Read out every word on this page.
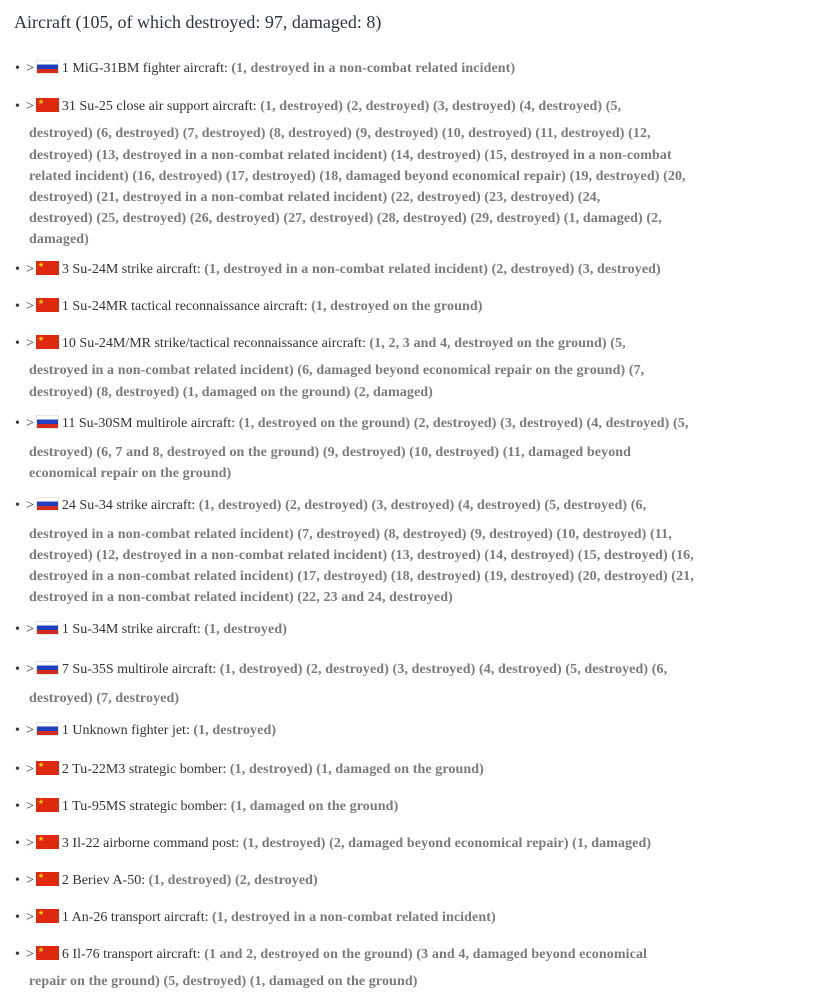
Aircraft (105, of which destroyed: 97, damaged: 8)
• > 1 MiG-31BM fighter aircraft: (1, destroyed in a non-combat related incident)
• > ★ 31 Su-25 close air support aircraft: (1, destroyed) (2, destroyed) (3, destroyed) (4, destroyed) (5,
destroyed) (6, destroyed) (7, destroyed) (8, destroyed) (9, destroyed) (10, destroyed) (11, destroyed) (12,
destroyed) (13, destroyed in a non-combat related incident) (14, destroyed) (15, destroyed in a non-combat
related incident) (16, destroyed) (17, destroyed) (18, damaged beyond economical repair) (19, destroyed) (20,
destroyed) (21, destroyed in a non-combat related incident) (22, destroyed) (23, destroyed) (24,
destroyed) (25, destroyed) (26, destroyed) (27, destroyed) (28, destroyed) (29, destroyed) (1, damaged) (2,
damaged)
• > ★ 3 Su-24M strike aircraft: (1, destroyed in a non-combat related incident) (2, destroyed) (3, destroyed)
• > ★ 1 Su-24MR tactical reconnaissance aircraft: (1, destroyed on the ground)
• > ★ 10 Su-24M/MR strike/tactical reconnaissance aircraft: (1, 2, 3 and 4, destroyed on the ground) (5,
destroyed in a non-combat related incident) (6, damaged beyond economical repair on the ground) (7,
destroyed) (8, destroyed) (1, damaged on the ground) (2, damaged)
• > 11 Su-30SM multirole aircraft: (1, destroyed on the ground) (2, destroyed) (3, destroyed) (4, destroyed) (5,
destroyed) (6, 7 and 8, destroyed on the ground) (9, destroyed) (10, destroyed) (11, damaged beyond
economical repair on the ground)
• > 24 Su-34 strike aircraft: (1, destroyed) (2, destroyed) (3, destroyed) (4, destroyed) (5, destroyed) (6,
destroyed in a non-combat related incident) (7, destroyed) (8, destroyed) (9, destroyed) (10, destroyed) (11,
destroyed) (12, destroyed in a non-combat related incident) (13, destroyed) (14, destroyed) (15, destroyed) (16,
destroyed in a non-combat related incident) (17, destroyed) (18, destroyed) (19, destroyed) (20, destroyed) (21,
destroyed in a non-combat related incident) (22, 23 and 24, destroyed)
• > 1 Su-34M strike aircraft: (1, destroyed)
• > 7 Su-35S multirole aircraft: (1, destroyed) (2, destroyed) (3, destroyed) (4, destroyed) (5, destroyed) (6,
destroyed) (7, destroyed)
• > 1 Unknown fighter jet: (1, destroyed)
• > ★ 2 Tu-22M3 strategic bomber: (1, destroyed) (1, damaged on the ground)
• > ★ 1 Tu-95MS strategic bomber: (1, damaged on the ground)
• > ★ 3 Il-22 airborne command post: (1, destroyed) (2, damaged beyond economical repair) (1, damaged)
• > ★ 2 Beriev A-50: (1, destroyed) (2, destroyed)
• > ★ 1 An-26 transport aircraft: (1, destroyed in a non-combat related incident)
• > ★ 6 Il-76 transport aircraft: (1 and 2, destroyed on the ground) (3 and 4, damaged beyond economical
repair on the ground) (5, destroyed) (1, damaged on the ground)
